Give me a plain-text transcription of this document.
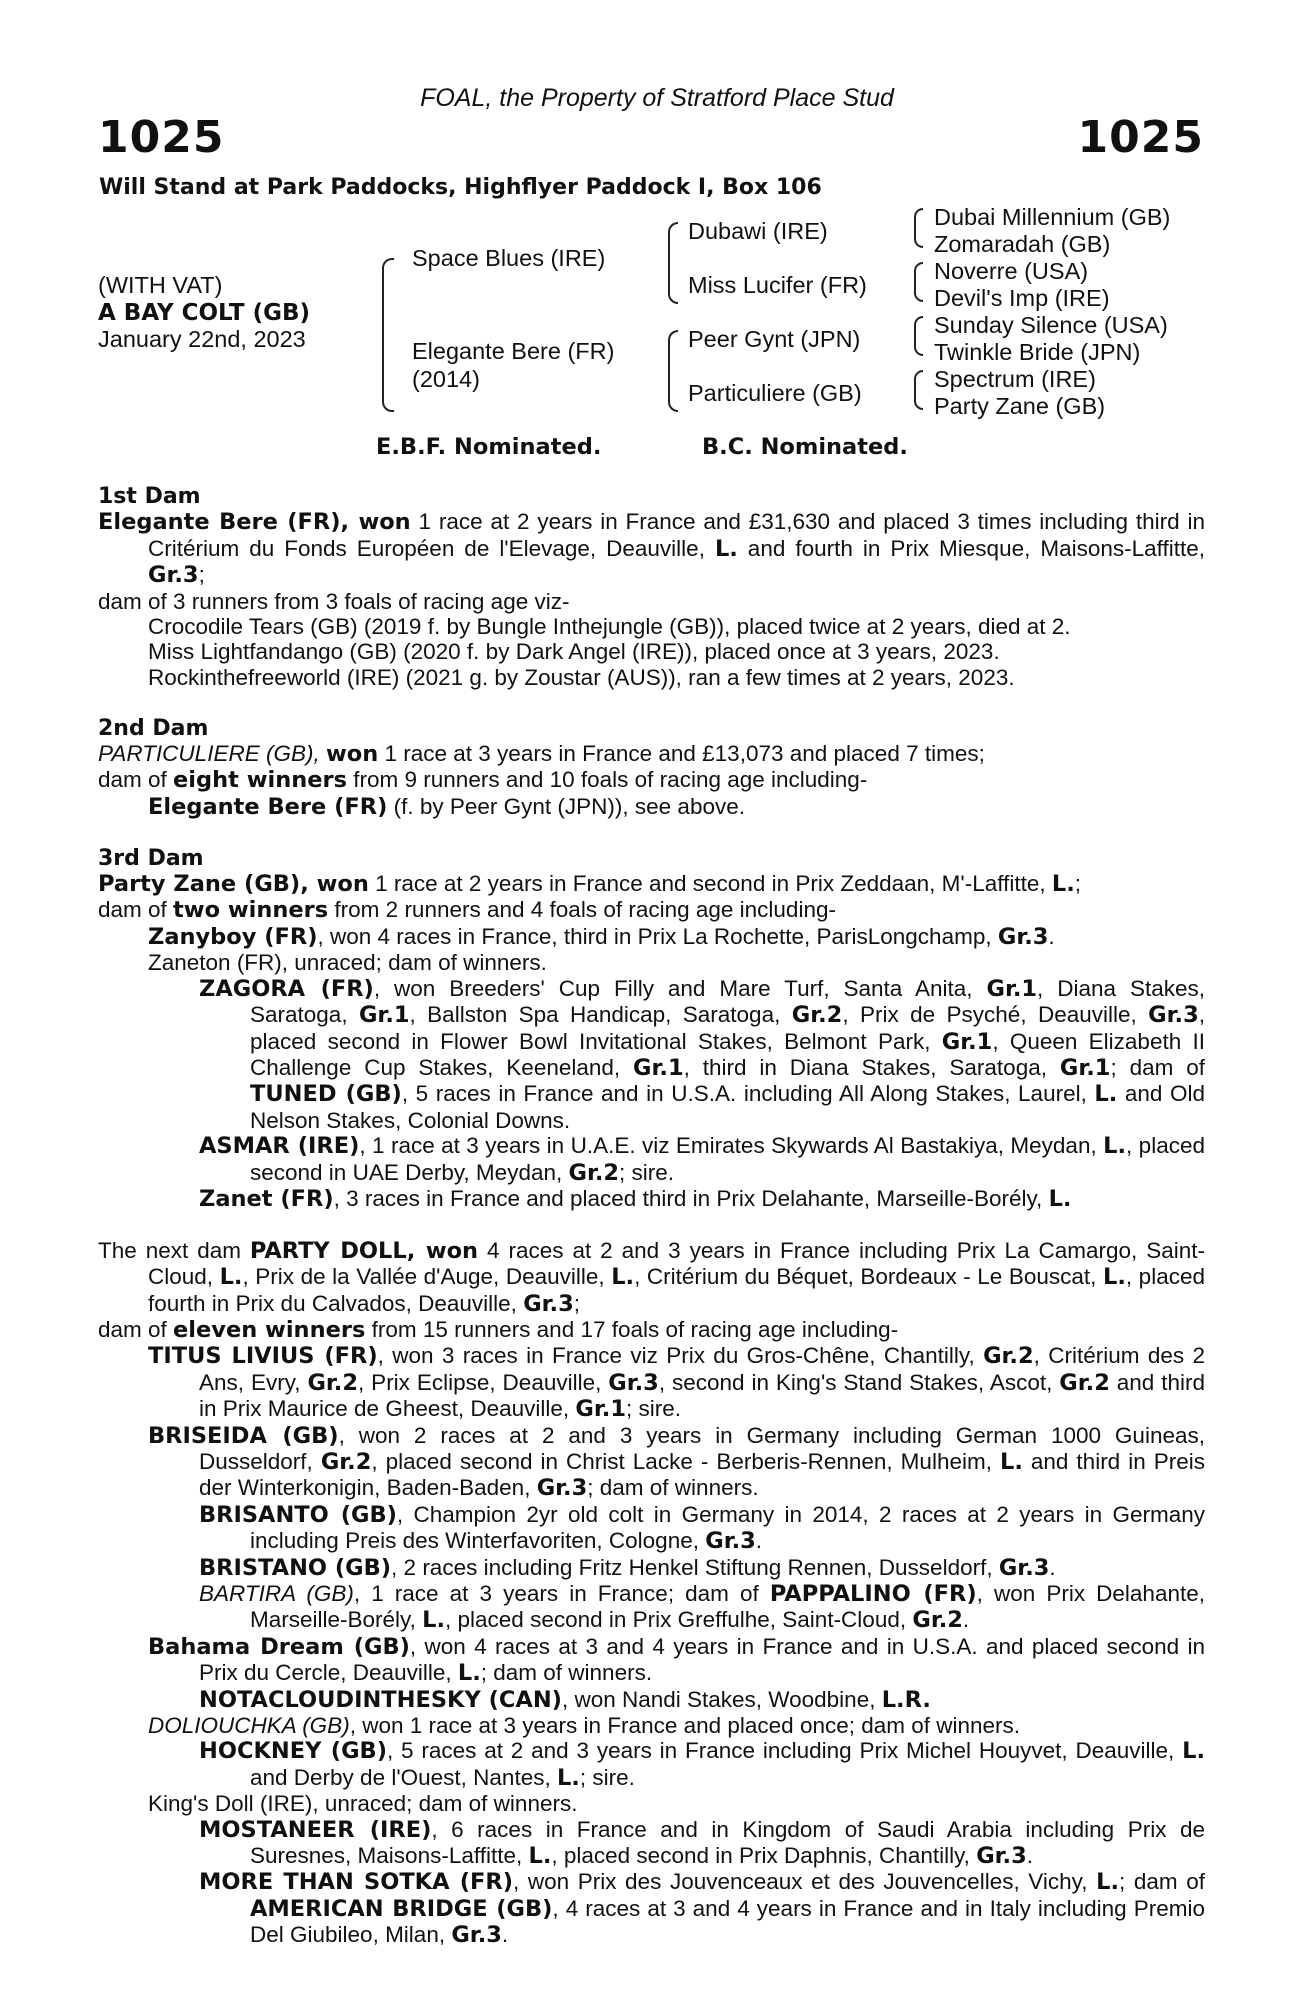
FOAL, the Property of Stratford Place Stud
1025	1025
Will Stand at Park Paddocks, Highflyer Paddock I, Box 106
(WITH VAT)
A BAY COLT (GB)
January 22nd, 2023
Space Blues (IRE)
Elegante Bere (FR)
(2014)
Dubawi (IRE)
Miss Lucifer (FR)
Peer Gynt (JPN)
Particuliere (GB)
Dubai Millennium (GB)
Zomaradah (GB)
Noverre (USA)
Devil's Imp (IRE)
Sunday Silence (USA)
Twinkle Bride (JPN)
Spectrum (IRE)
Party Zane (GB)
E.B.F. Nominated.	B.C. Nominated.

1st Dam

Elegante Bere (FR), won 1 race at 2 years in France and £31,630 and placed 3 times including third in Critérium du Fonds Européen de l'Elevage, Deauville, L. and fourth in Prix Miesque, Maisons-Laffitte, Gr.3;

dam of 3 runners from 3 foals of racing age viz-

Crocodile Tears (GB) (2019 f. by Bungle Inthejungle (GB)), placed twice at 2 years, died at 2.

Miss Lightfandango (GB) (2020 f. by Dark Angel (IRE)), placed once at 3 years, 2023.

Rockinthefreeworld (IRE) (2021 g. by Zoustar (AUS)), ran a few times at 2 years, 2023.

2nd Dam

PARTICULIERE (GB), won 1 race at 3 years in France and £13,073 and placed 7 times;

dam of eight winners from 9 runners and 10 foals of racing age including-

Elegante Bere (FR) (f. by Peer Gynt (JPN)), see above.

3rd Dam

Party Zane (GB), won 1 race at 2 years in France and second in Prix Zeddaan, M'-Laffitte, L.;

dam of two winners from 2 runners and 4 foals of racing age including-

Zanyboy (FR), won 4 races in France, third in Prix La Rochette, ParisLongchamp, Gr.3.

Zaneton (FR), unraced; dam of winners.

ZAGORA (FR), won Breeders' Cup Filly and Mare Turf, Santa Anita, Gr.1, Diana Stakes, Saratoga, Gr.1, Ballston Spa Handicap, Saratoga, Gr.2, Prix de Psyché, Deauville, Gr.3, placed second in Flower Bowl Invitational Stakes, Belmont Park, Gr.1, Queen Elizabeth II Challenge Cup Stakes, Keeneland, Gr.1, third in Diana Stakes, Saratoga, Gr.1; dam of TUNED (GB), 5 races in France and in U.S.A. including All Along Stakes, Laurel, L. and Old Nelson Stakes, Colonial Downs.

ASMAR (IRE), 1 race at 3 years in U.A.E. viz Emirates Skywards Al Bastakiya, Meydan, L., placed second in UAE Derby, Meydan, Gr.2; sire.

Zanet (FR), 3 races in France and placed third in Prix Delahante, Marseille-Borély, L.

The next dam PARTY DOLL, won 4 races at 2 and 3 years in France including Prix La Camargo, Saint-Cloud, L., Prix de la Vallée d'Auge, Deauville, L., Critérium du Béquet, Bordeaux - Le Bouscat, L., placed fourth in Prix du Calvados, Deauville, Gr.3;

dam of eleven winners from 15 runners and 17 foals of racing age including-

TITUS LIVIUS (FR), won 3 races in France viz Prix du Gros-Chêne, Chantilly, Gr.2, Critérium des 2 Ans, Evry, Gr.2, Prix Eclipse, Deauville, Gr.3, second in King's Stand Stakes, Ascot, Gr.2 and third in Prix Maurice de Gheest, Deauville, Gr.1; sire.

BRISEIDA (GB), won 2 races at 2 and 3 years in Germany including German 1000 Guineas, Dusseldorf, Gr.2, placed second in Christ Lacke - Berberis-Rennen, Mulheim, L. and third in Preis der Winterkonigin, Baden-Baden, Gr.3; dam of winners.

BRISANTO (GB), Champion 2yr old colt in Germany in 2014, 2 races at 2 years in Germany including Preis des Winterfavoriten, Cologne, Gr.3.

BRISTANO (GB), 2 races including Fritz Henkel Stiftung Rennen, Dusseldorf, Gr.3.

BARTIRA (GB), 1 race at 3 years in France; dam of PAPPALINO (FR), won Prix Delahante, Marseille-Borély, L., placed second in Prix Greffulhe, Saint-Cloud, Gr.2.

Bahama Dream (GB), won 4 races at 3 and 4 years in France and in U.S.A. and placed second in Prix du Cercle, Deauville, L.; dam of winners.

NOTACLOUDINTHESKY (CAN), won Nandi Stakes, Woodbine, L.R.

DOLIOUCHKA (GB), won 1 race at 3 years in France and placed once; dam of winners.

HOCKNEY (GB), 5 races at 2 and 3 years in France including Prix Michel Houyvet, Deauville, L. and Derby de l'Ouest, Nantes, L.; sire.

King's Doll (IRE), unraced; dam of winners.

MOSTANEER (IRE), 6 races in France and in Kingdom of Saudi Arabia including Prix de Suresnes, Maisons-Laffitte, L., placed second in Prix Daphnis, Chantilly, Gr.3.

MORE THAN SOTKA (FR), won Prix des Jouvenceaux et des Jouvencelles, Vichy, L.; dam of AMERICAN BRIDGE (GB), 4 races at 3 and 4 years in France and in Italy including Premio Del Giubileo, Milan, Gr.3.
